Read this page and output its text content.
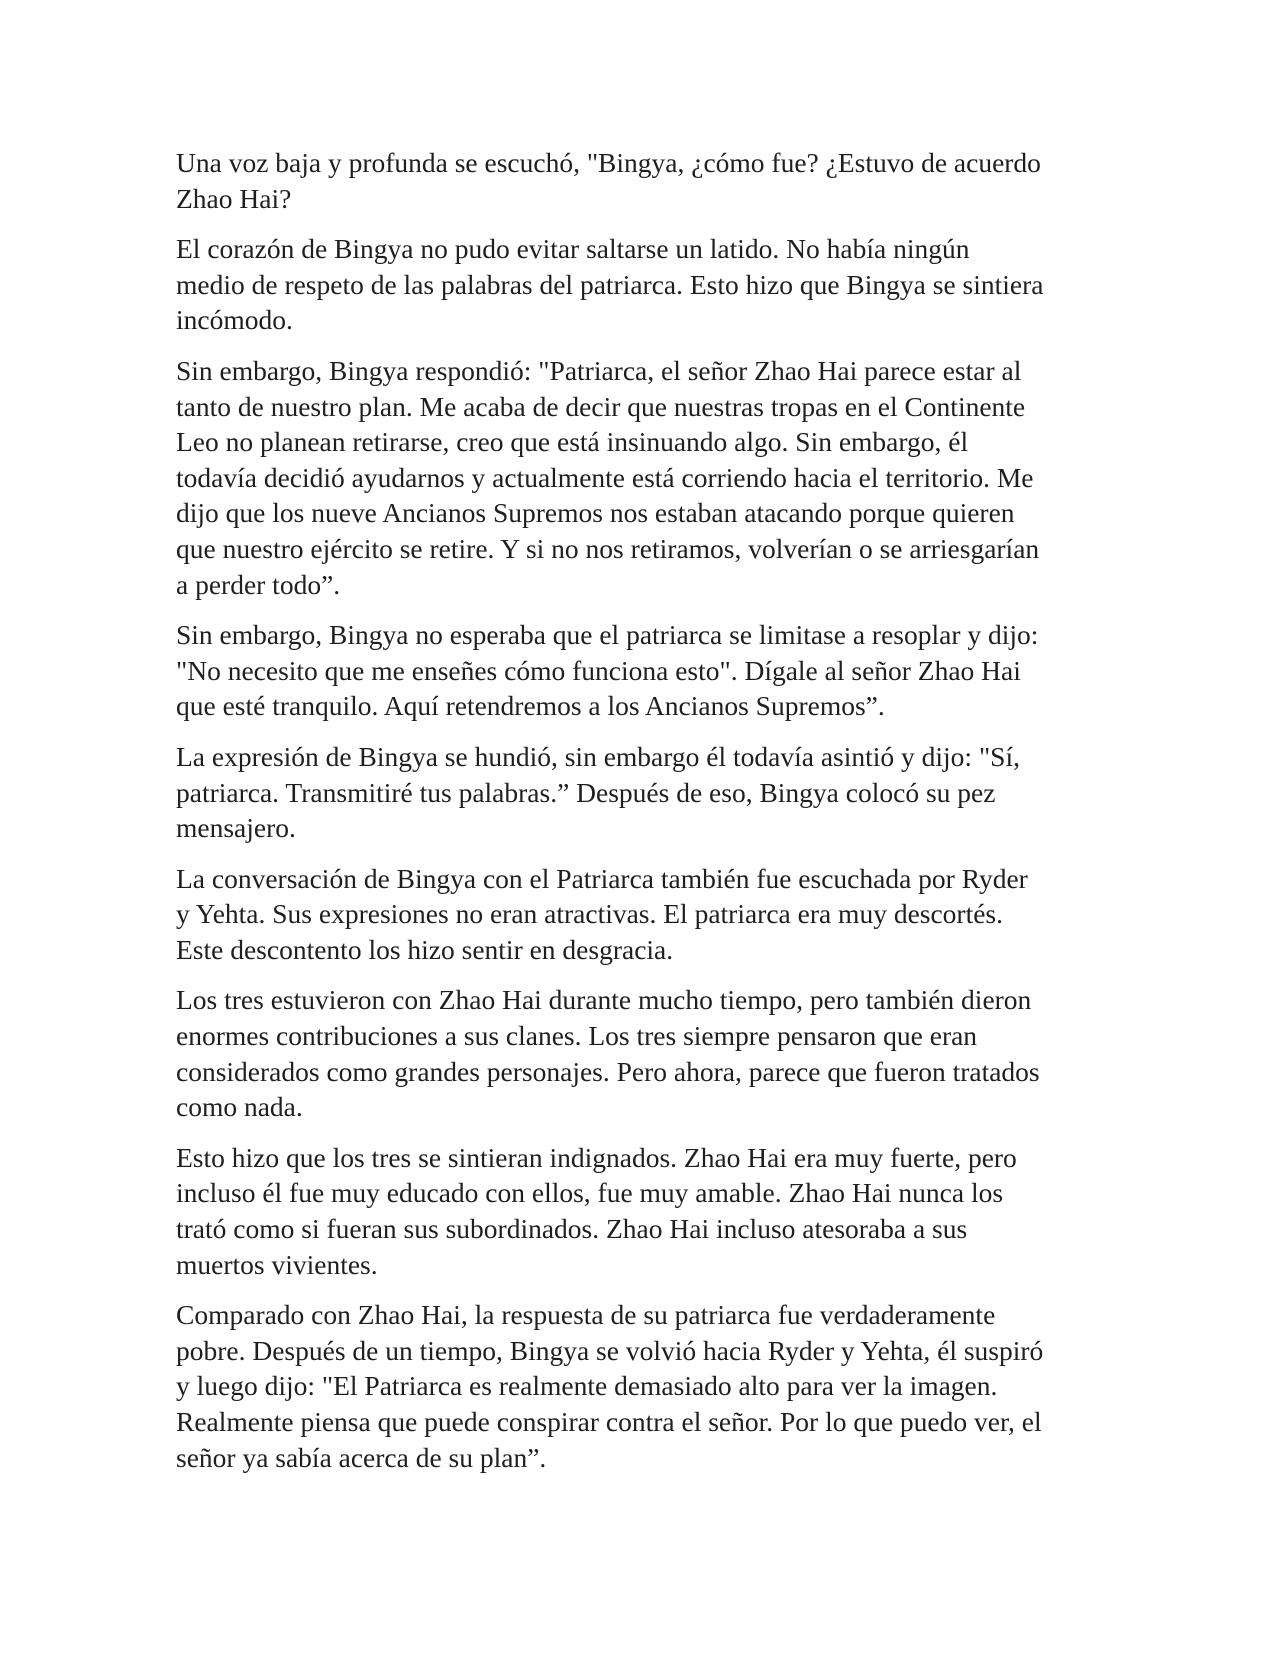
Una voz baja y profunda se escuchó, "Bingya, ¿cómo fue? ¿Estuvo de acuerdo
Zhao Hai?
El corazón de Bingya no pudo evitar saltarse un latido. No había ningún
medio de respeto de las palabras del patriarca. Esto hizo que Bingya se sintiera
incómodo.
Sin embargo, Bingya respondió: "Patriarca, el señor Zhao Hai parece estar al
tanto de nuestro plan. Me acaba de decir que nuestras tropas en el Continente
Leo no planean retirarse, creo que está insinuando algo. Sin embargo, él
todavía decidió ayudarnos y actualmente está corriendo hacia el territorio. Me
dijo que los nueve Ancianos Supremos nos estaban atacando porque quieren
que nuestro ejército se retire. Y si no nos retiramos, volverían o se arriesgarían
a perder todo”.
Sin embargo, Bingya no esperaba que el patriarca se limitase a resoplar y dijo:
"No necesito que me enseñes cómo funciona esto". Dígale al señor Zhao Hai
que esté tranquilo. Aquí retendremos a los Ancianos Supremos”.
La expresión de Bingya se hundió, sin embargo él todavía asintió y dijo: "Sí,
patriarca. Transmitiré tus palabras.” Después de eso, Bingya colocó su pez
mensajero.
La conversación de Bingya con el Patriarca también fue escuchada por Ryder
y Yehta. Sus expresiones no eran atractivas. El patriarca era muy descortés.
Este descontento los hizo sentir en desgracia.
Los tres estuvieron con Zhao Hai durante mucho tiempo, pero también dieron
enormes contribuciones a sus clanes. Los tres siempre pensaron que eran
considerados como grandes personajes. Pero ahora, parece que fueron tratados
como nada.
Esto hizo que los tres se sintieran indignados. Zhao Hai era muy fuerte, pero
incluso él fue muy educado con ellos, fue muy amable. Zhao Hai nunca los
trató como si fueran sus subordinados. Zhao Hai incluso atesoraba a sus
muertos vivientes.
Comparado con Zhao Hai, la respuesta de su patriarca fue verdaderamente
pobre. Después de un tiempo, Bingya se volvió hacia Ryder y Yehta, él suspiró
y luego dijo: "El Patriarca es realmente demasiado alto para ver la imagen.
Realmente piensa que puede conspirar contra el señor. Por lo que puedo ver, el
señor ya sabía acerca de su plan”.
